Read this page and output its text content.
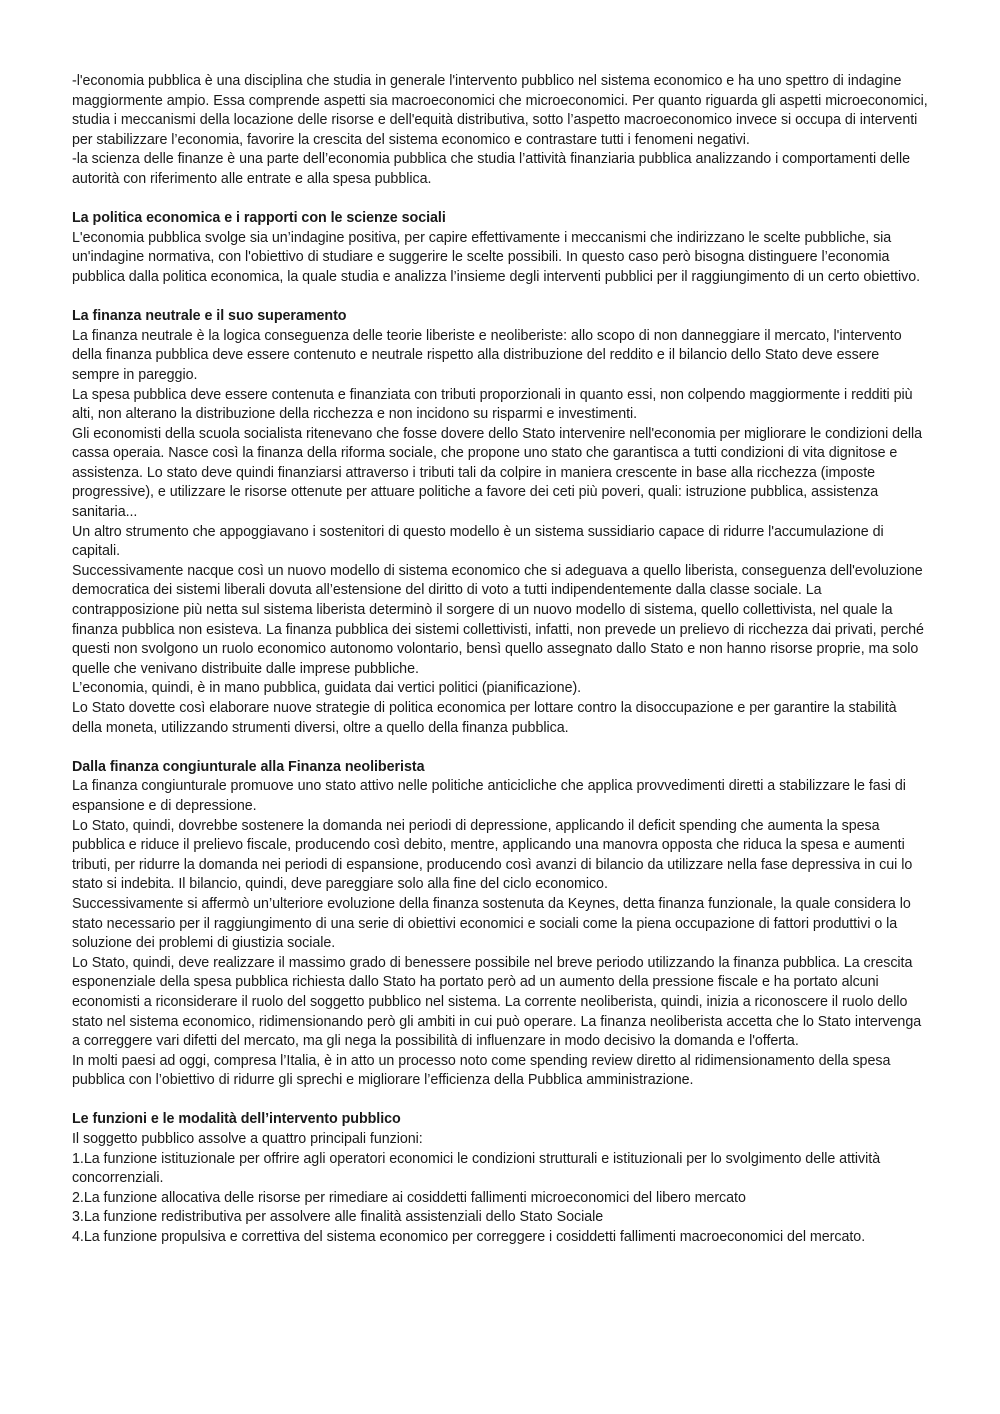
-l'economia pubblica è una disciplina che studia in generale l'intervento pubblico nel sistema economico e ha uno spettro di indagine maggiormente ampio. Essa comprende aspetti sia macroeconomici che microeconomici. Per quanto riguarda gli aspetti microeconomici, studia i meccanismi della locazione delle risorse e dell'equità distributiva, sotto l’aspetto macroeconomico invece si occupa di interventi per stabilizzare l’economia, favorire la crescita del sistema economico e contrastare tutti i fenomeni negativi.

-la scienza delle finanze è una parte dell’economia pubblica che studia l’attività finanziaria pubblica analizzando i comportamenti delle autorità con riferimento alle entrate e alla spesa pubblica.

La politica economica e i rapporti con le scienze sociali

L'economia pubblica svolge sia un’indagine positiva, per capire effettivamente i meccanismi che indirizzano le scelte pubbliche, sia un'indagine normativa, con l'obiettivo di studiare e suggerire le scelte possibili. In questo caso però bisogna distinguere l’economia pubblica dalla politica economica, la quale studia e analizza l’insieme degli interventi pubblici per il raggiungimento di un certo obiettivo.

La finanza neutrale e il suo superamento

La finanza neutrale è la logica conseguenza delle teorie liberiste e neoliberiste: allo scopo di non danneggiare il mercato, l'intervento della finanza pubblica deve essere contenuto e neutrale rispetto alla distribuzione del reddito e il bilancio dello Stato deve essere sempre in pareggio.

La spesa pubblica deve essere contenuta e finanziata con tributi proporzionali in quanto essi, non colpendo maggiormente i redditi più alti, non alterano la distribuzione della ricchezza e non incidono su risparmi e investimenti.

Gli economisti della scuola socialista ritenevano che fosse dovere dello Stato intervenire nell'economia per migliorare le condizioni della cassa operaia. Nasce così la finanza della riforma sociale, che propone uno stato che garantisca a tutti condizioni di vita dignitose e assistenza. Lo stato deve quindi finanziarsi attraverso i tributi tali da colpire in maniera crescente in base alla ricchezza (imposte progressive), e utilizzare le risorse ottenute per attuare politiche a favore dei ceti più poveri, quali: istruzione pubblica, assistenza sanitaria...

Un altro strumento che appoggiavano i sostenitori di questo modello è un sistema sussidiario capace di ridurre l'accumulazione di capitali.

Successivamente nacque così un nuovo modello di sistema economico che si adeguava a quello liberista, conseguenza dell'evoluzione democratica dei sistemi liberali dovuta all’estensione del diritto di voto a tutti indipendentemente dalla classe sociale. La contrapposizione più netta sul sistema liberista determinò il sorgere di un nuovo modello di sistema, quello collettivista, nel quale la finanza pubblica non esisteva. La finanza pubblica dei sistemi collettivisti, infatti, non prevede un prelievo di ricchezza dai privati, perché questi non svolgono un ruolo economico autonomo volontario, bensì quello assegnato dallo Stato e non hanno risorse proprie, ma solo quelle che venivano distribuite dalle imprese pubbliche.

L’economia, quindi, è in mano pubblica, guidata dai vertici politici (pianificazione).

Lo Stato dovette così elaborare nuove strategie di politica economica per lottare contro la disoccupazione e per garantire la stabilità della moneta, utilizzando strumenti diversi, oltre a quello della finanza pubblica.

Dalla finanza congiunturale alla Finanza neoliberista

La finanza congiunturale promuove uno stato attivo nelle politiche anticicliche che applica provvedimenti diretti a stabilizzare le fasi di espansione e di depressione.

Lo Stato, quindi, dovrebbe sostenere la domanda nei periodi di depressione, applicando il deficit spending che aumenta la spesa pubblica e riduce il prelievo fiscale, producendo così debito, mentre, applicando una manovra opposta che riduca la spesa e aumenti tributi, per ridurre la domanda nei periodi di espansione, producendo così avanzi di bilancio da utilizzare nella fase depressiva in cui lo stato si indebita. Il bilancio, quindi, deve pareggiare solo alla fine del ciclo economico.

Successivamente si affermò un’ulteriore evoluzione della finanza sostenuta da Keynes, detta finanza funzionale, la quale considera lo stato necessario per il raggiungimento di una serie di obiettivi economici e sociali come la piena occupazione di fattori produttivi o la soluzione dei problemi di giustizia sociale.

Lo Stato, quindi, deve realizzare il massimo grado di benessere possibile nel breve periodo utilizzando la finanza pubblica. La crescita esponenziale della spesa pubblica richiesta dallo Stato ha portato però ad un aumento della pressione fiscale e ha portato alcuni economisti a riconsiderare il ruolo del soggetto pubblico nel sistema. La corrente neoliberista, quindi, inizia a riconoscere il ruolo dello stato nel sistema economico, ridimensionando però gli ambiti in cui può operare. La finanza neoliberista accetta che lo Stato intervenga a correggere vari difetti del mercato, ma gli nega la possibilità di influenzare in modo decisivo la domanda e l'offerta.

In molti paesi ad oggi, compresa l’Italia, è in atto un processo noto come spending review diretto al ridimensionamento della spesa pubblica con l’obiettivo di ridurre gli sprechi e migliorare l’efficienza della Pubblica amministrazione.

Le funzioni e le modalità dell’intervento pubblico

Il soggetto pubblico assolve a quattro principali funzioni:

1.La funzione istituzionale per offrire agli operatori economici le condizioni strutturali e istituzionali per lo svolgimento delle attività concorrenziali.

2.La funzione allocativa delle risorse per rimediare ai cosiddetti fallimenti microeconomici del libero mercato

3.La funzione redistributiva per assolvere alle finalità assistenziali dello Stato Sociale

4.La funzione propulsiva e correttiva del sistema economico per correggere i cosiddetti fallimenti macroeconomici del mercato.
